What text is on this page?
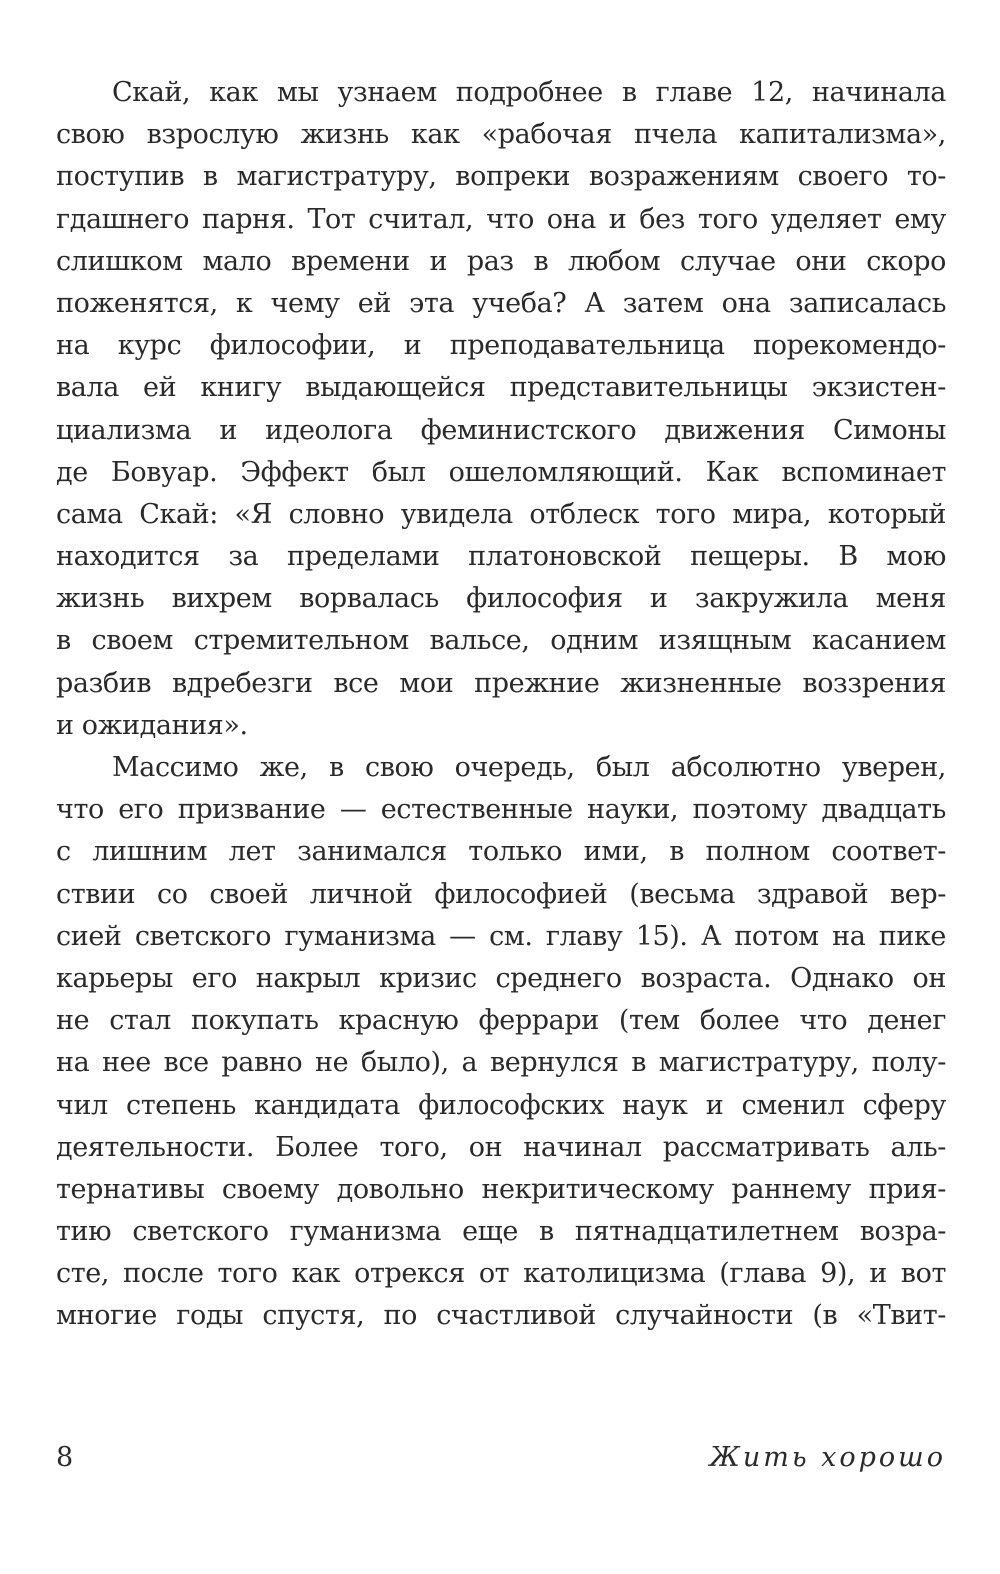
Скай, как мы узнаем подробнее в главе 12, начинала
свою взрослую жизнь как «рабочая пчела капитализма»,
поступив в магистратуру, вопреки возражениям своего то-
гдашнего парня. Тот считал, что она и без того уделяет ему
слишком мало времени и раз в любом случае они скоро
поженятся, к чему ей эта учеба? А затем она записалась
на курс философии, и преподавательница порекомендо-
вала ей книгу выдающейся представительницы экзистен-
циализма и идеолога феминистского движения Симоны
де Бовуар. Эффект был ошеломляющий. Как вспоминает
сама Скай: «Я словно увидела отблеск того мира, который
находится за пределами платоновской пещеры. В мою
жизнь вихрем ворвалась философия и закружила меня
в своем стремительном вальсе, одним изящным касанием
разбив вдребезги все мои прежние жизненные воззрения
и ожидания».
Массимо же, в свою очередь, был абсолютно уверен,
что его призвание — естественные науки, поэтому двадцать
с лишним лет занимался только ими, в полном соответ-
ствии со своей личной философией (весьма здравой вер-
сией светского гуманизма — см. главу 15). А потом на пике
карьеры его накрыл кризис среднего возраста. Однако он
не стал покупать красную феррари (тем более что денег
на нее все равно не было), а вернулся в магистратуру, полу-
чил степень кандидата философских наук и сменил сферу
деятельности. Более того, он начинал рассматривать аль-
тернативы своему довольно некритическому раннему прия-
тию светского гуманизма еще в пятнадцатилетнем возра-
сте, после того как отрекся от католицизма (глава 9), и вот
многие годы спустя, по счастливой случайности (в «Твит-
8	Жить хорошо
